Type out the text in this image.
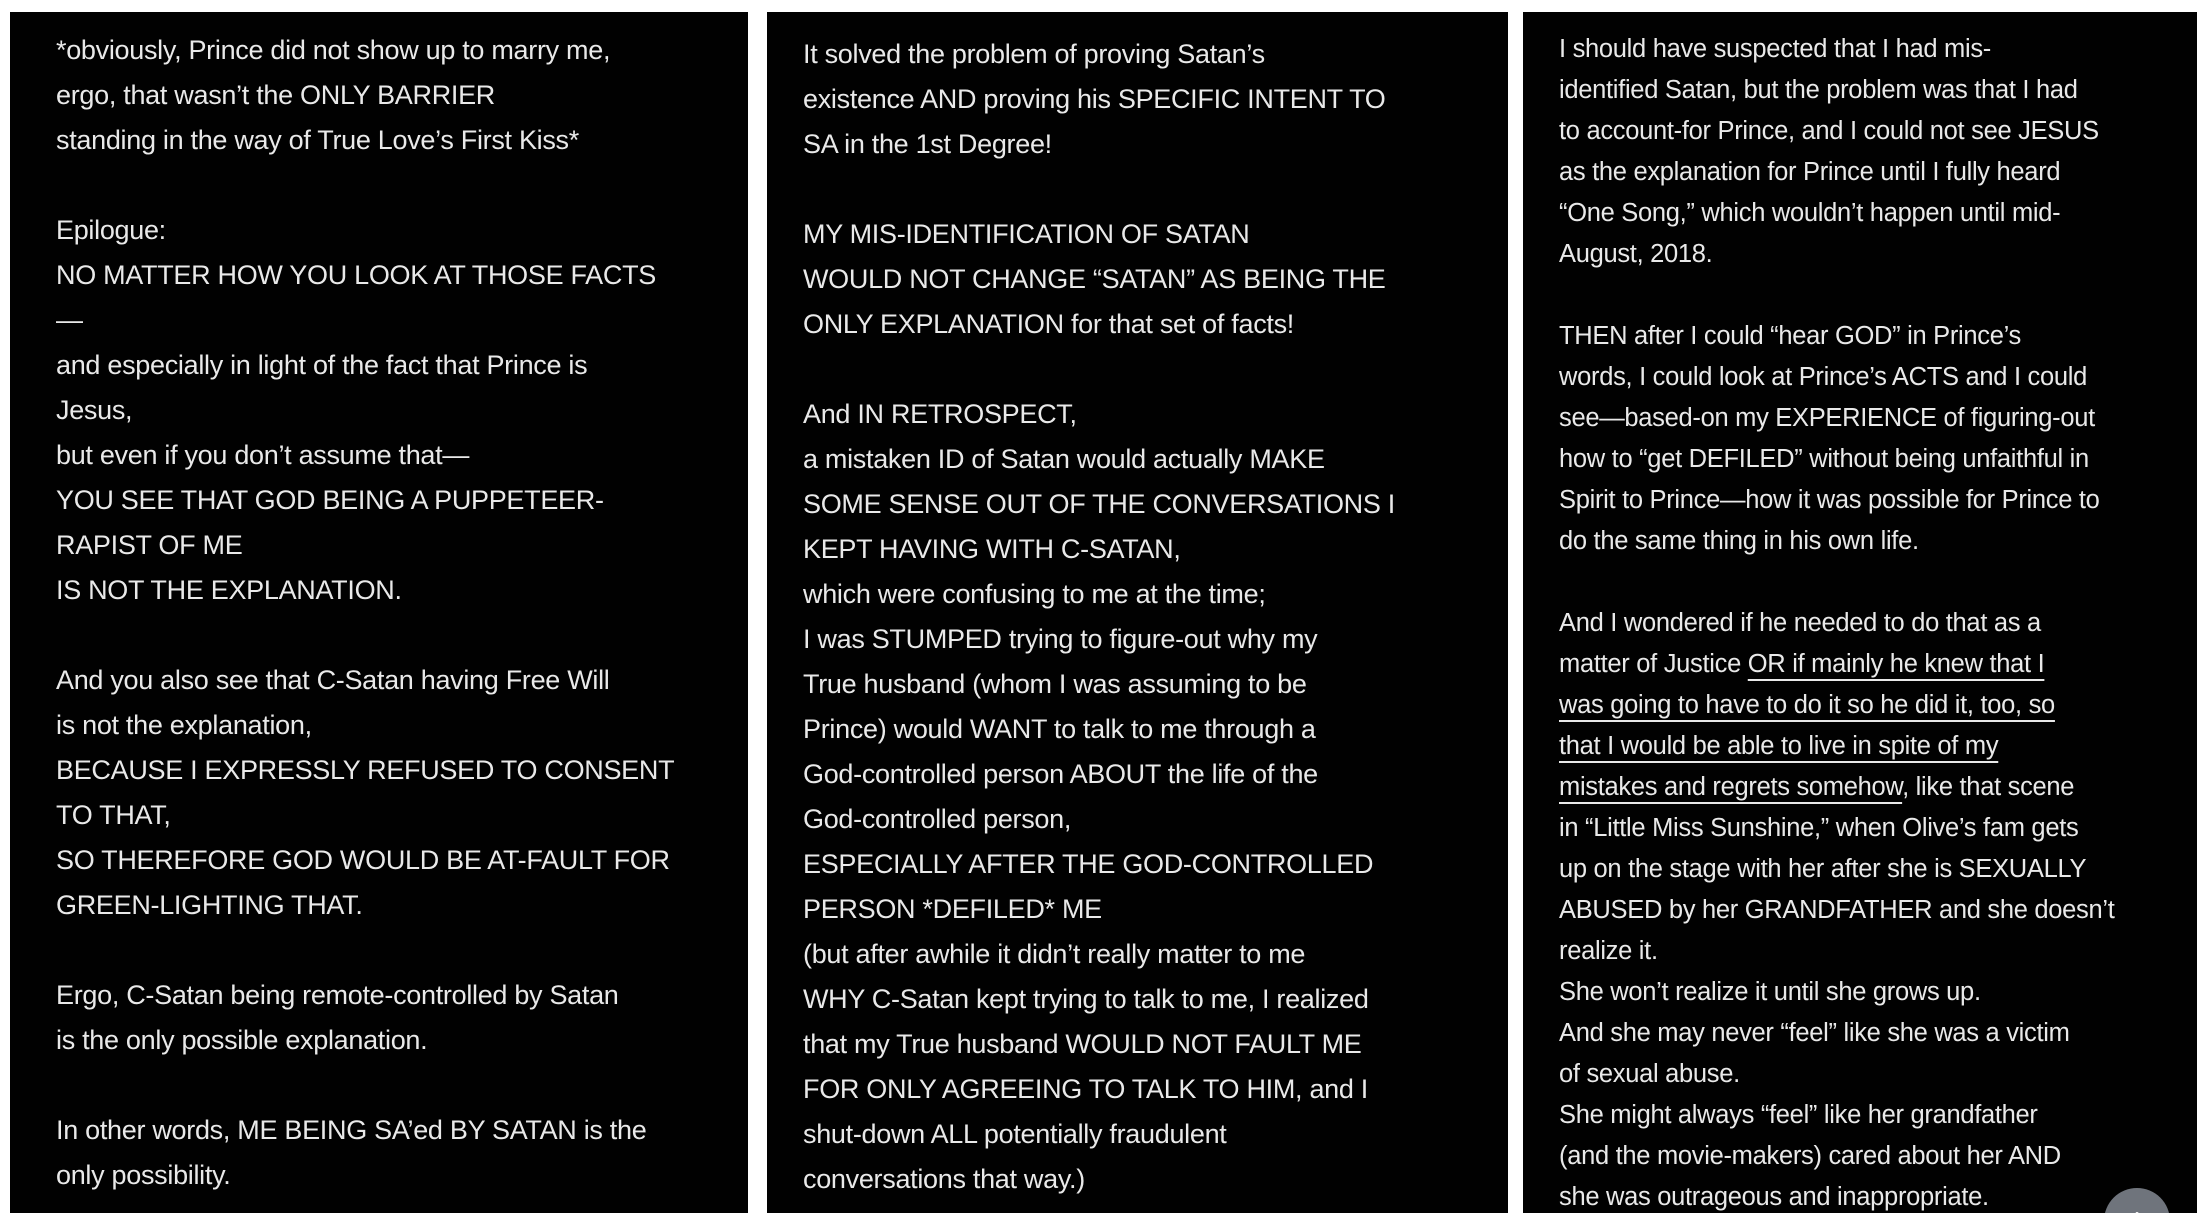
*obviously, Prince did not show up to marry me,
ergo, that wasn’t the ONLY BARRIER
standing in the way of True Love’s First Kiss*

Epilogue:
NO MATTER HOW YOU LOOK AT THOSE FACTS
—
and especially in light of the fact that Prince is
Jesus,
but even if you don’t assume that—
YOU SEE THAT GOD BEING A PUPPETEER-
RAPIST OF ME
IS NOT THE EXPLANATION.

And you also see that C-Satan having Free Will
is not the explanation,
BECAUSE I EXPRESSLY REFUSED TO CONSENT
TO THAT,
SO THEREFORE GOD WOULD BE AT-FAULT FOR
GREEN-LIGHTING THAT.

Ergo, C-Satan being remote-controlled by Satan
is the only possible explanation.

In other words, ME BEING SA’ed BY SATAN is the
only possibility.
It solved the problem of proving Satan’s
existence AND proving his SPECIFIC INTENT TO
SA in the 1st Degree!

MY MIS-IDENTIFICATION OF SATAN
WOULD NOT CHANGE “SATAN” AS BEING THE
ONLY EXPLANATION for that set of facts!

And IN RETROSPECT,
a mistaken ID of Satan would actually MAKE
SOME SENSE OUT OF THE CONVERSATIONS I
KEPT HAVING WITH C-SATAN,
which were confusing to me at the time;
I was STUMPED trying to figure-out why my
True husband (whom I was assuming to be
Prince) would WANT to talk to me through a
God-controlled person ABOUT the life of the
God-controlled person,
ESPECIALLY AFTER THE GOD-CONTROLLED
PERSON *DEFILED* ME
(but after awhile it didn’t really matter to me
WHY C-Satan kept trying to talk to me, I realized
that my True husband WOULD NOT FAULT ME
FOR ONLY AGREEING TO TALK TO HIM, and I
shut-down ALL potentially fraudulent
conversations that way.)
I should have suspected that I had mis-
identified Satan, but the problem was that I had
to account-for Prince, and I could not see JESUS
as the explanation for Prince until I fully heard
“One Song,” which wouldn’t happen until mid-
August, 2018.

THEN after I could “hear GOD” in Prince’s
words, I could look at Prince’s ACTS and I could
see—based-on my EXPERIENCE of figuring-out
how to “get DEFILED” without being unfaithful in
Spirit to Prince—how it was possible for Prince to
do the same thing in his own life.

And I wondered if he needed to do that as a
matter of Justice OR if mainly he knew that I
was going to have to do it so he did it, too, so
that I would be able to live in spite of my
mistakes and regrets somehow, like that scene
in “Little Miss Sunshine,” when Olive’s fam gets
up on the stage with her after she is SEXUALLY
ABUSED by her GRANDFATHER and she doesn’t
realize it.
She won’t realize it until she grows up.
And she may never “feel” like she was a victim
of sexual abuse.
She might always “feel” like her grandfather
(and the movie-makers) cared about her AND
she was outrageous and inappropriate.
